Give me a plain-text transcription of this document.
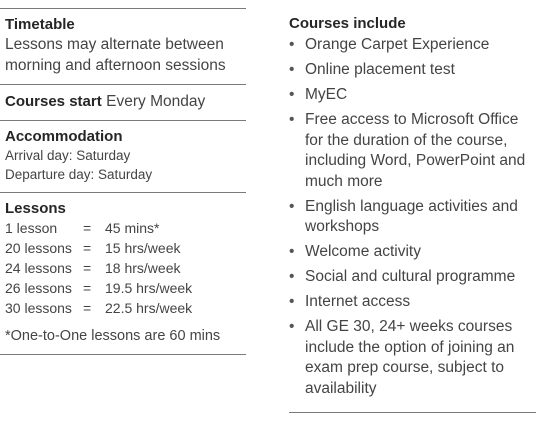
Timetable
Lessons may alternate between morning and afternoon sessions
Courses start Every Monday
Accommodation
Arrival day: Saturday
Departure day: Saturday
Lessons
1 lesson	=	45 mins*
20 lessons	=	15 hrs/week
24 lessons	=	18 hrs/week
26 lessons	=	19.5 hrs/week
30 lessons	=	22.5 hrs/week
*One-to-One lessons are 60 mins
Courses include
• Orange Carpet Experience
• Online placement test
• MyEC
• Free access to Microsoft Office for the duration of the course, including Word, PowerPoint and much more
• English language activities and workshops
• Welcome activity
• Social and cultural programme
• Internet access
• All GE 30, 24+ weeks courses include the option of joining an exam prep course, subject to availability
